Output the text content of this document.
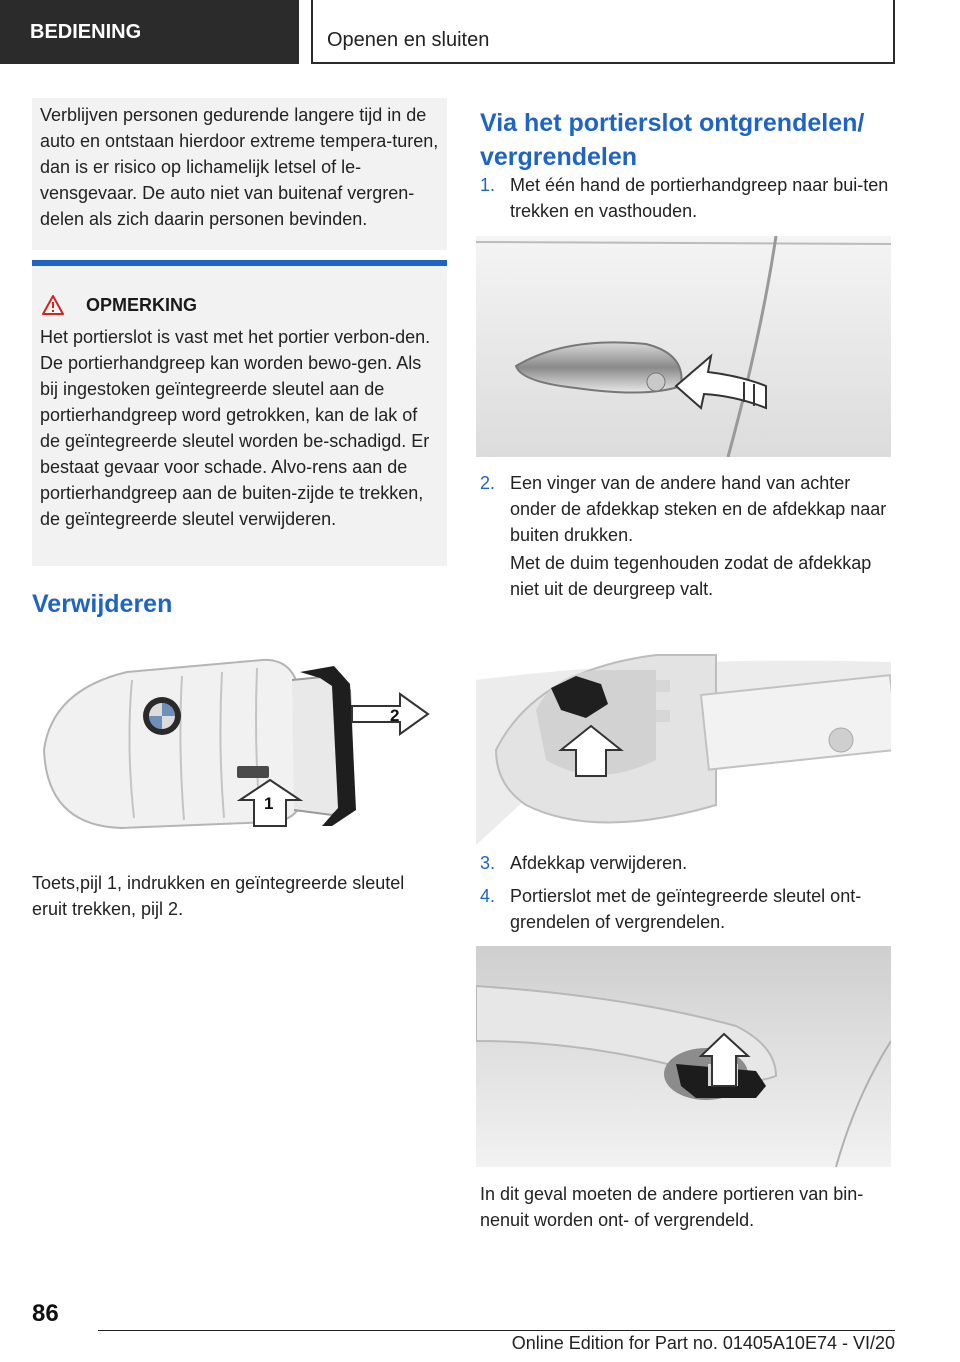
BEDIENING	Openen en sluiten
Verblijven personen gedurende langere tijd in de auto en ontstaan hierdoor extreme tempera-turen, dan is er risico op lichamelijk letsel of le-vensgevaar. De auto niet van buitenaf vergren-delen als zich daarin personen bevinden.
OPMERKING
Het portierslot is vast met het portier verbon-den. De portierhandgreep kan worden bewo-gen. Als bij ingestoken geïntegreerde sleutel aan de portierhandgreep word getrokken, kan de lak of de geïntegreerde sleutel worden be-schadigd. Er bestaat gevaar voor schade. Alvo-rens aan de portierhandgreep aan de buiten-zijde te trekken, de geïntegreerde sleutel verwijderen.
Verwijderen
2
1
Toets,pijl 1, indrukken en geïntegreerde sleutel eruit trekken, pijl 2.
Via het portierslot ontgrendelen/ vergrendelen
1. Met één hand de portierhandgreep naar bui-ten trekken en vasthouden.
2. Een vinger van de andere hand van achter onder de afdekkap steken en de afdekkap naar buiten drukken.
Met de duim tegenhouden zodat de afdekkap niet uit de deurgreep valt.
3. Afdekkap verwijderen.
4. Portierslot met de geïntegreerde sleutel ont-grendelen of vergrendelen.
In dit geval moeten de andere portieren van bin-nenuit worden ont- of vergrendeld.
86
Online Edition for Part no. 01405A10E74 - VI/20
